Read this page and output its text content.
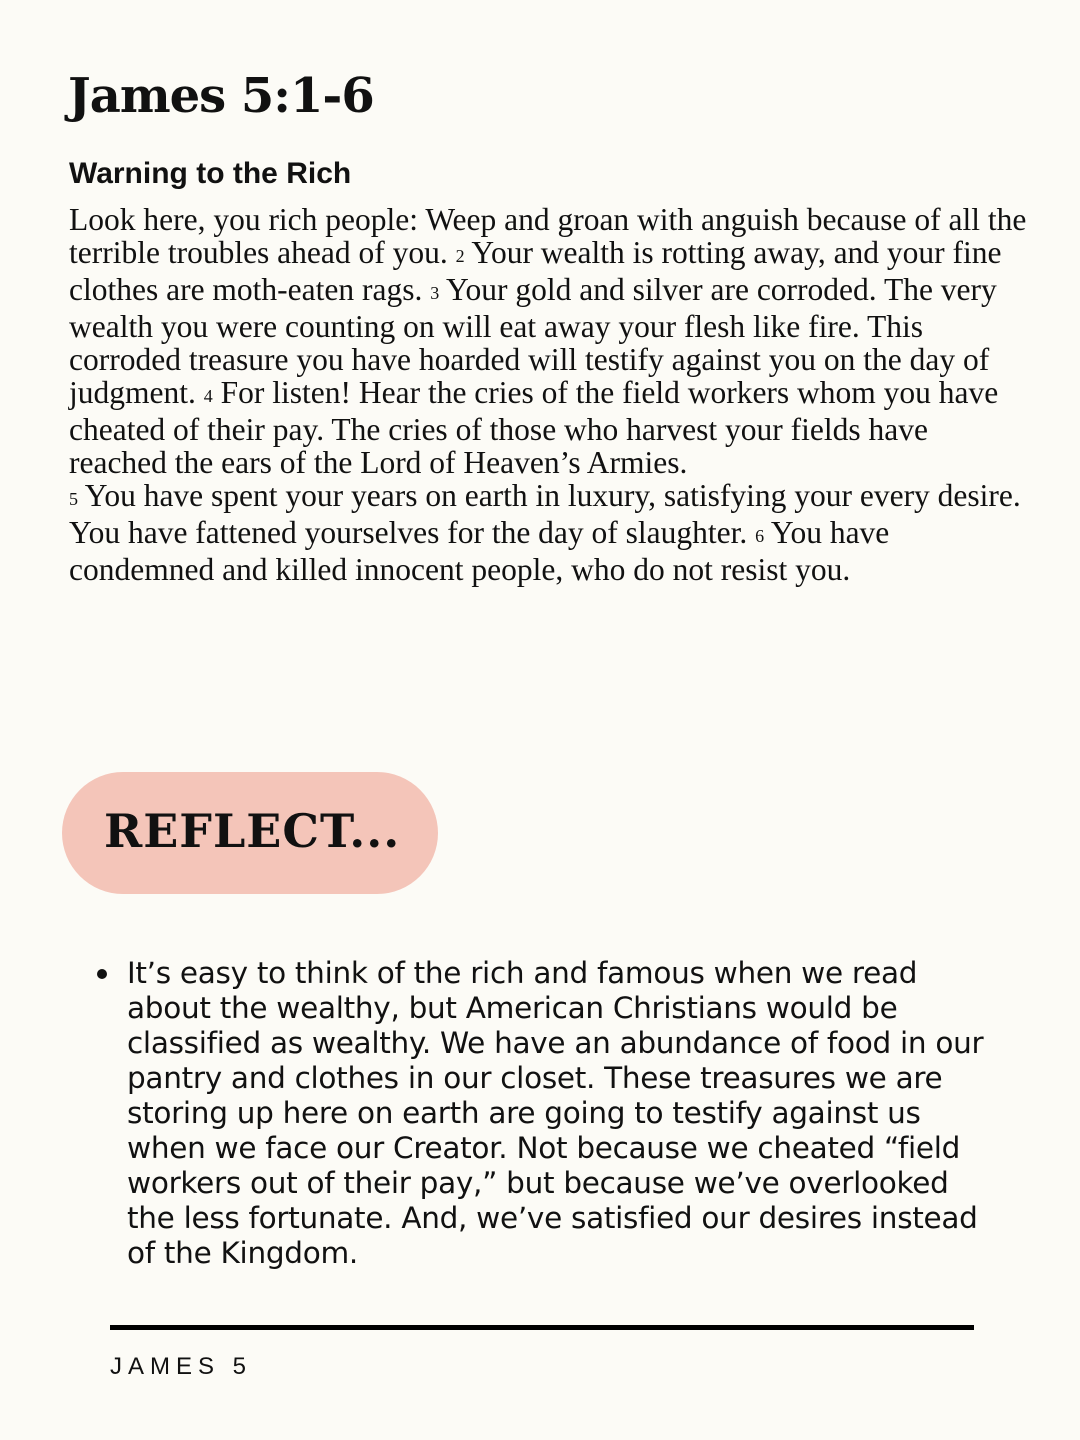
James 5:1-6
Warning to the Rich

Look here, you rich people: Weep and groan with anguish because of all the terrible troubles ahead of you. 2 Your wealth is rotting away, and your fine clothes are moth-eaten rags. 3 Your gold and silver are corroded. The very wealth you were counting on will eat away your flesh like fire. This corroded treasure you have hoarded will testify against you on the day of judgment. 4 For listen! Hear the cries of the field workers whom you have cheated of their pay. The cries of those who harvest your fields have reached the ears of the Lord of Heaven’s Armies.

5 You have spent your years on earth in luxury, satisfying your every desire. You have fattened yourselves for the day of slaughter. 6 You have condemned and killed innocent people, who do not resist you.

REFLECT...
It’s easy to think of the rich and famous when we read about the wealthy, but American Christians would be classified as wealthy. We have an abundance of food in our pantry and clothes in our closet. These treasures we are storing up here on earth are going to testify against us when we face our Creator. Not because we cheated “field workers out of their pay,” but because we’ve overlooked the less fortunate. And, we’ve satisfied our desires instead of the Kingdom.
JAMES 5
